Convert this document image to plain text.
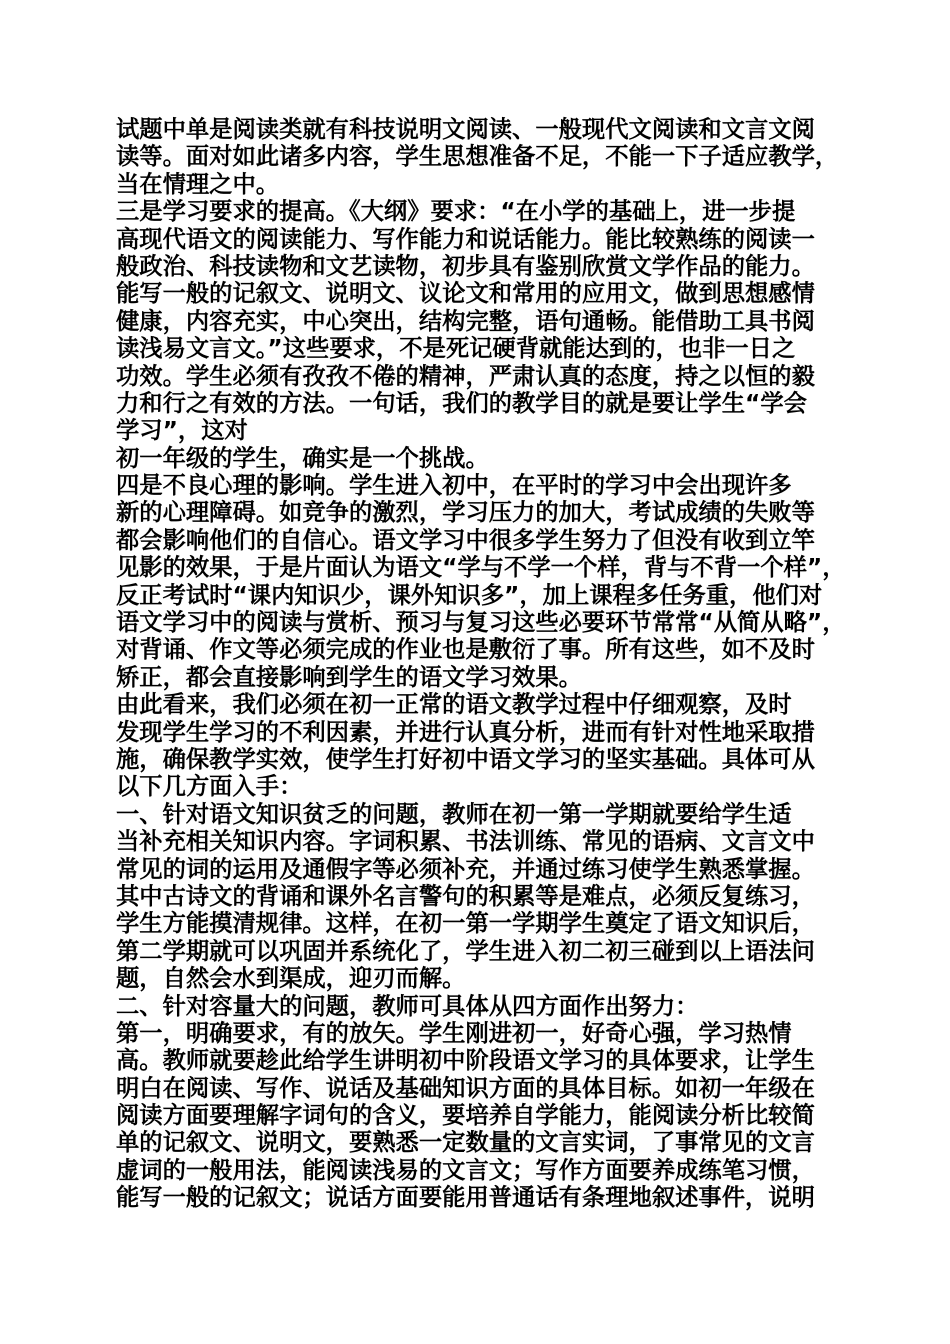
试题中单是阅读类就有科技说明文阅读、一般现代文阅读和文言文阅
读等。面对如此诸多内容，学生思想准备不足，不能一下子适应教学，
当在情理之中。
三是学习要求的提高。《大纲》要求：“在小学的基础上，进一步提
高现代语文的阅读能力、写作能力和说话能力。能比较熟练的阅读一
般政治、科技读物和文艺读物，初步具有鉴别欣赏文学作品的能力。
能写一般的记叙文、说明文、议论文和常用的应用文，做到思想感情
健康，内容充实，中心突出，结构完整，语句通畅。能借助工具书阅
读浅易文言文。”这些要求，不是死记硬背就能达到的，也非一日之
功效。学生必须有孜孜不倦的精神，严肃认真的态度，持之以恒的毅
力和行之有效的方法。一句话，我们的教学目的就是要让学生“学会
学习”，这对
初一年级的学生，确实是一个挑战。
四是不良心理的影响。学生进入初中，在平时的学习中会出现许多
新的心理障碍。如竞争的激烈，学习压力的加大，考试成绩的失败等
都会影响他们的自信心。语文学习中很多学生努力了但没有收到立竿
见影的效果，于是片面认为语文“学与不学一个样，背与不背一个样”，
反正考试时“课内知识少，课外知识多”，加上课程多任务重，他们对
语文学习中的阅读与赏析、预习与复习这些必要环节常常“从简从略”，
对背诵、作文等必须完成的作业也是敷衍了事。所有这些，如不及时
矫正，都会直接影响到学生的语文学习效果。
由此看来，我们必须在初一正常的语文教学过程中仔细观察，及时
发现学生学习的不利因素，并进行认真分析，进而有针对性地采取措
施，确保教学实效，使学生打好初中语文学习的坚实基础。具体可从
以下几方面入手：
一、针对语文知识贫乏的问题，教师在初一第一学期就要给学生适
当补充相关知识内容。字词积累、书法训练、常见的语病、文言文中
常见的词的运用及通假字等必须补充，并通过练习使学生熟悉掌握。
其中古诗文的背诵和课外名言警句的积累等是难点，必须反复练习，
学生方能摸清规律。这样，在初一第一学期学生奠定了语文知识后，
第二学期就可以巩固并系统化了，学生进入初二初三碰到以上语法问
题，自然会水到渠成，迎刃而解。
二、针对容量大的问题，教师可具体从四方面作出努力：
第一，明确要求，有的放矢。学生刚进初一，好奇心强，学习热情
高。教师就要趁此给学生讲明初中阶段语文学习的具体要求，让学生
明白在阅读、写作、说话及基础知识方面的具体目标。如初一年级在
阅读方面要理解字词句的含义，要培养自学能力，能阅读分析比较简
单的记叙文、说明文，要熟悉一定数量的文言实词，了事常见的文言
虚词的一般用法，能阅读浅易的文言文；写作方面要养成练笔习惯，
能写一般的记叙文；说话方面要能用普通话有条理地叙述事件，说明
